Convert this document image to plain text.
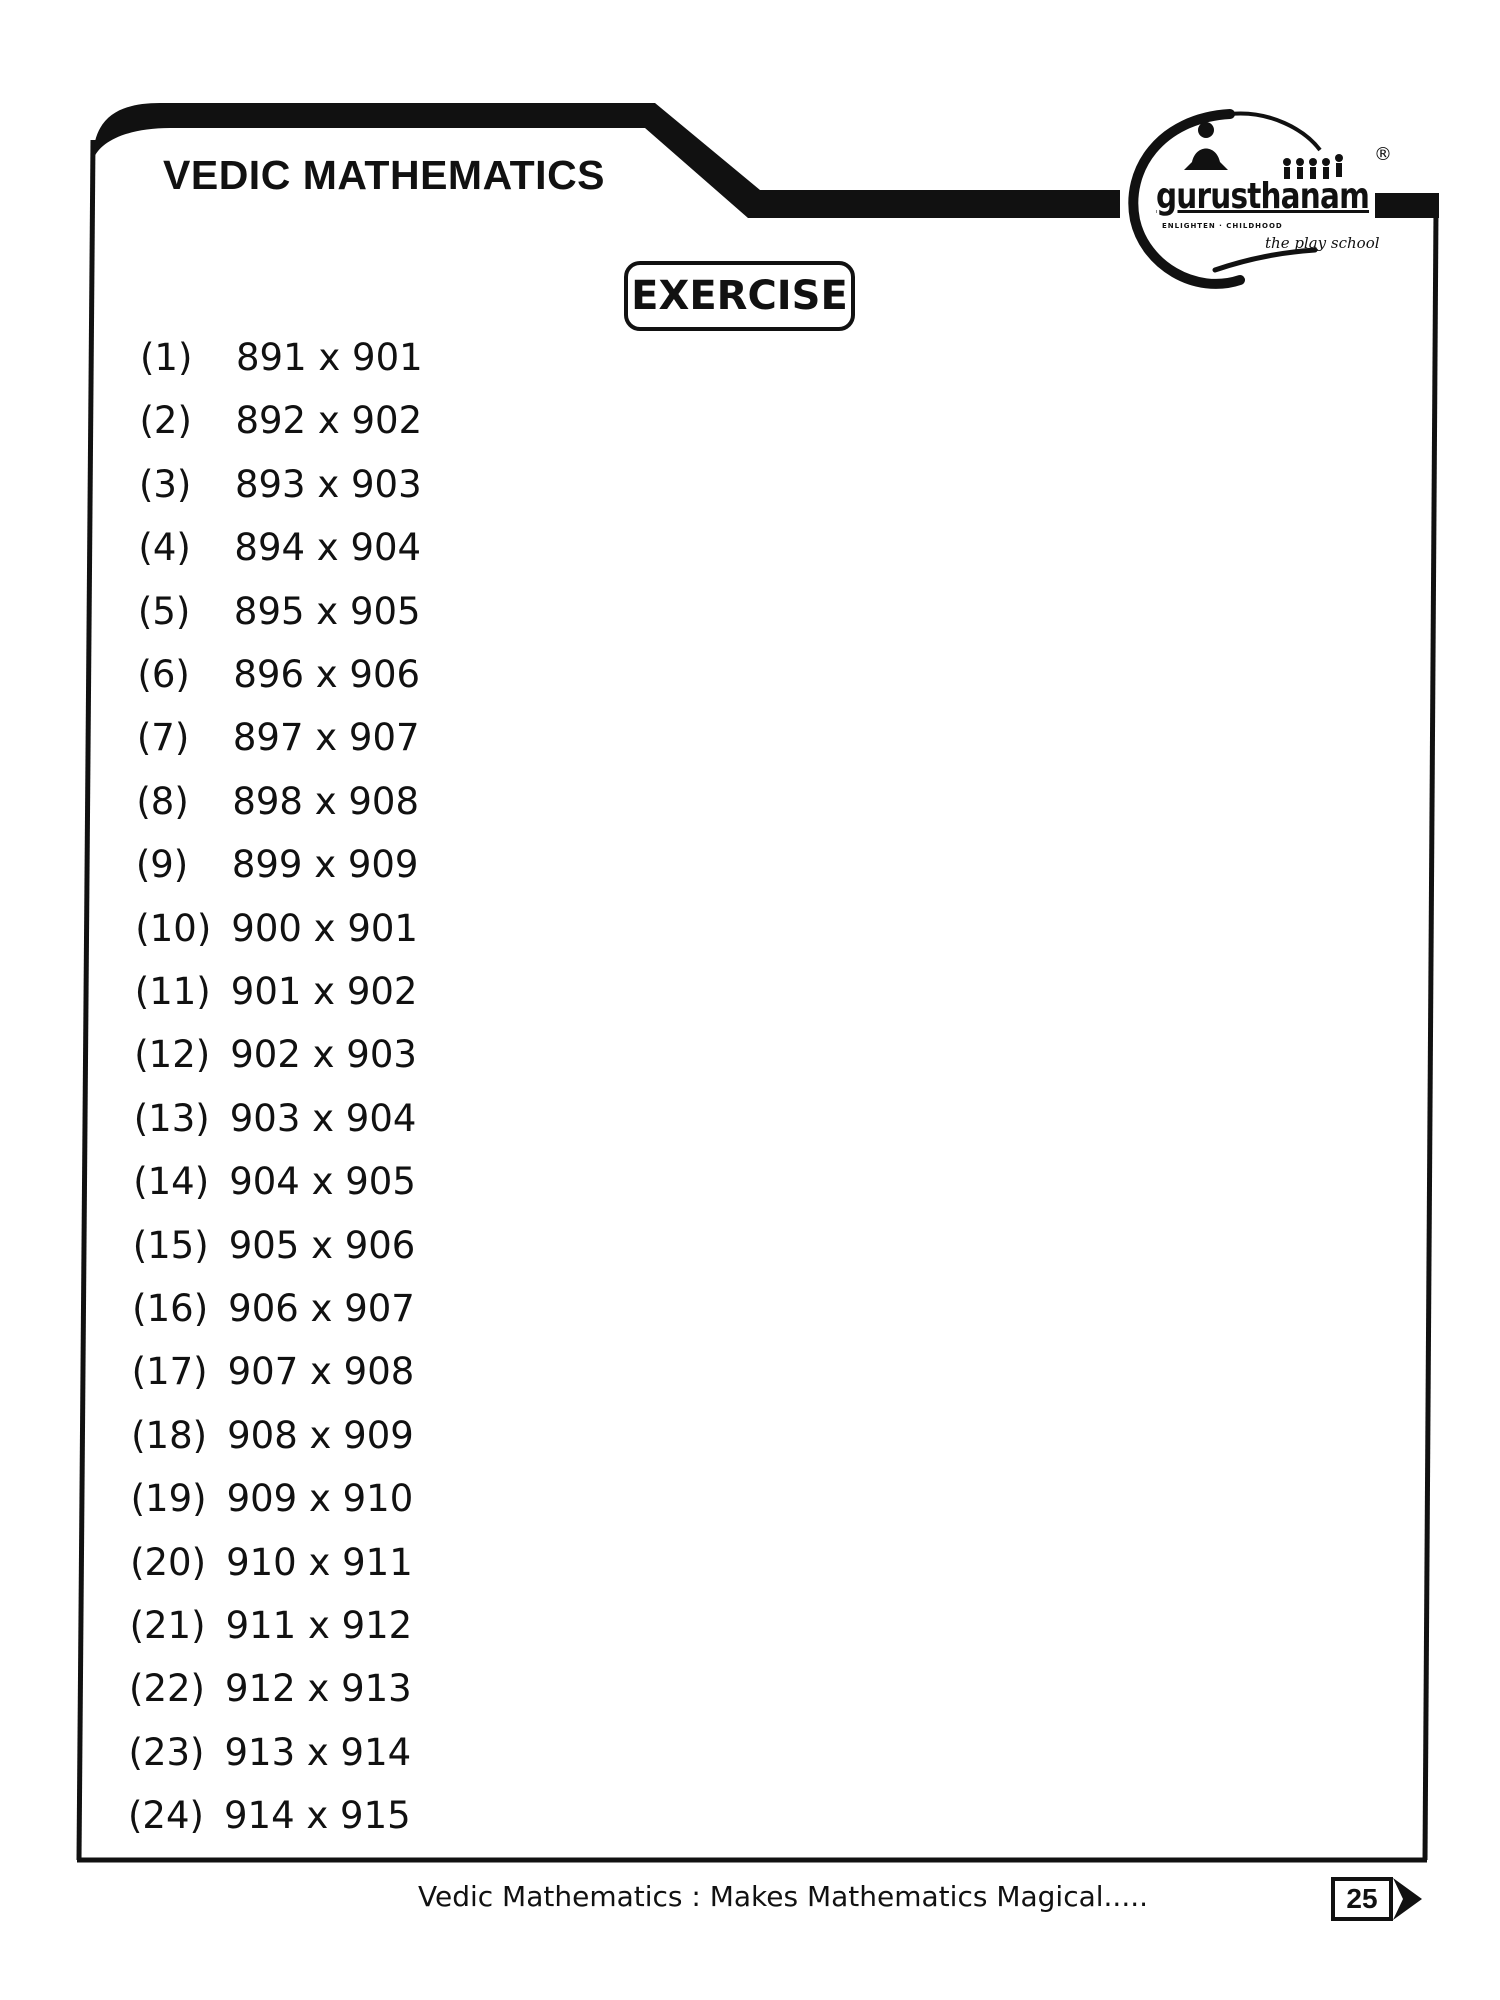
VEDIC MATHEMATICS	gurusthanam
ENLIGHTEN · CHILDHOOD
the play school
®
EXERCISE
(1) 891 x 901
(2) 892 x 902
(3) 893 x 903
(4) 894 x 904
(5) 895 x 905
(6) 896 x 906
(7) 897 x 907
(8) 898 x 908
(9) 899 x 909
(10) 900 x 901
(11) 901 x 902
(12) 902 x 903
(13) 903 x 904
(14) 904 x 905
(15) 905 x 906
(16) 906 x 907
(17) 907 x 908
(18) 908 x 909
(19) 909 x 910
(20) 910 x 911
(21) 911 x 912
(22) 912 x 913
(23) 913 x 914
(24) 914 x 915
Vedic Mathematics : Makes Mathematics Magical.....	25
